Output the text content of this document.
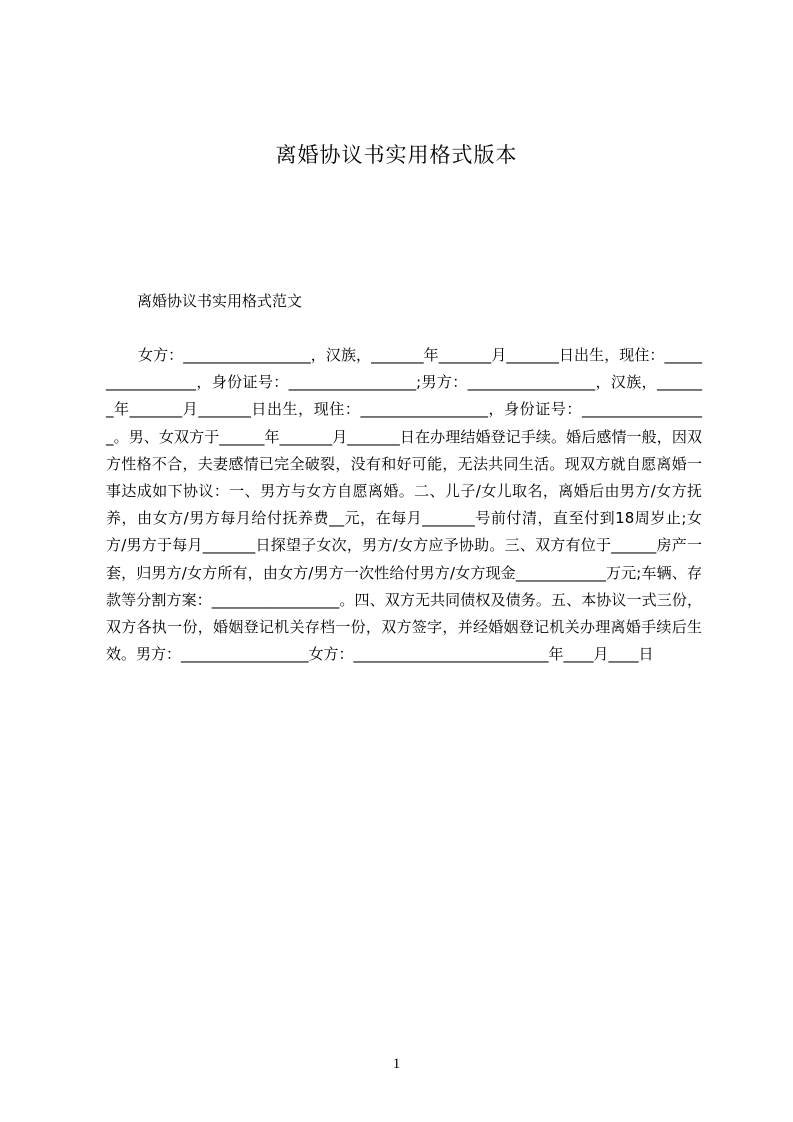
离婚协议书实用格式版本

离婚协议书实用格式范文

女方：_________________，汉族，_______年_______月_______日出生，现住：_________________，身份证号：_________________;男方：_________________，汉族，_______年_______月_______日出生，现住：_________________，身份证号：_________________。男、女双方于______年_______月_______日在办理结婚登记手续。婚后感情一般，因双方性格不合，夫妻感情已完全破裂，没有和好可能，无法共同生活。现双方就自愿离婚一事达成如下协议：一、男方与女方自愿离婚。二、儿子/女儿取名，离婚后由男方/女方抚养，由女方/男方每月给付抚养费__元，在每月_______号前付清，直至付到18周岁止;女方/男方于每月_______日探望子女次，男方/女方应予协助。三、双方有位于______房产一套，归男方/女方所有，由女方/男方一次性给付男方/女方现金____________万元;车辆、存款等分割方案：_________________。四、双方无共同债权及债务。五、本协议一式三份，双方各执一份，婚姻登记机关存档一份，双方签字，并经婚姻登记机关办理离婚手续后生效。男方：_________________女方：__________________________年____月____日

1
